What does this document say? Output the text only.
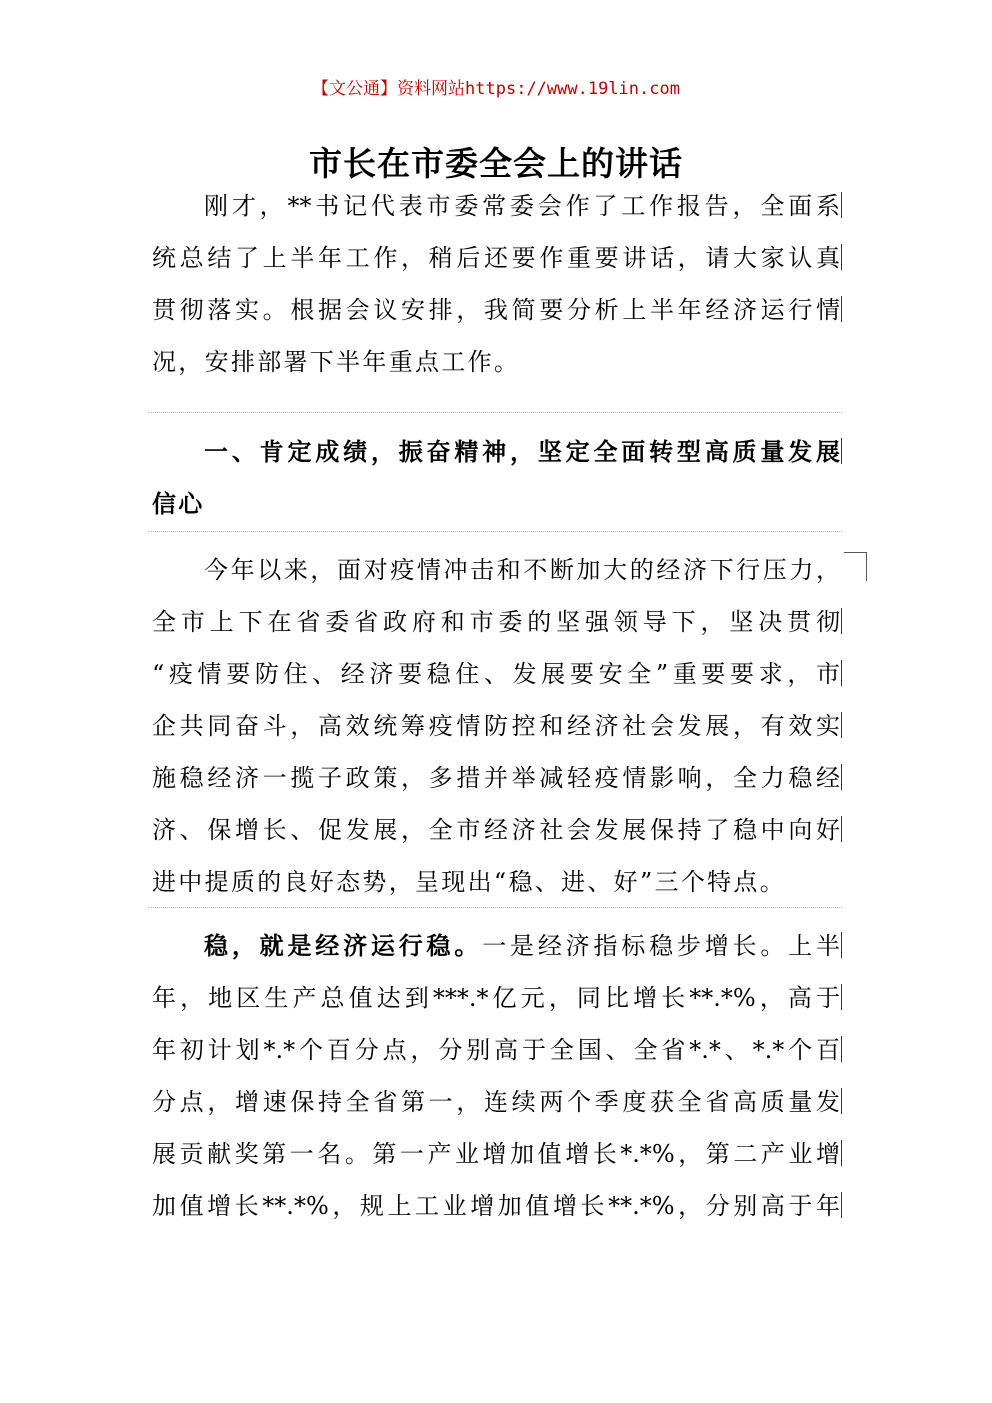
【文公通】资料网站https://www.19lin.com
市长在市委全会上的讲话
刚才，**书记代表市委常委会作了工作报告，全面系
统总结了上半年工作，稍后还要作重要讲话，请大家认真
贯彻落实。根据会议安排，我简要分析上半年经济运行情
况，安排部署下半年重点工作。
一、肯定成绩，振奋精神，坚定全面转型高质量发展
信心
今年以来，面对疫情冲击和不断加大的经济下行压力，
全市上下在省委省政府和市委的坚强领导下，坚决贯彻
“疫情要防住、经济要稳住、发展要安全”重要要求，市
企共同奋斗，高效统筹疫情防控和经济社会发展，有效实
施稳经济一揽子政策，多措并举减轻疫情影响，全力稳经
济、保增长、促发展，全市经济社会发展保持了稳中向好
进中提质的良好态势，呈现出“稳、进、好”三个特点。
稳，就是经济运行稳。一是经济指标稳步增长。上半
年，地区生产总值达到***.*亿元，同比增长**.*%，高于
年初计划*.*个百分点，分别高于全国、全省*.*、*.*个百
分点，增速保持全省第一，连续两个季度获全省高质量发
展贡献奖第一名。第一产业增加值增长*.*%，第二产业增
加值增长**.*%，规上工业增加值增长**.*%，分别高于年
